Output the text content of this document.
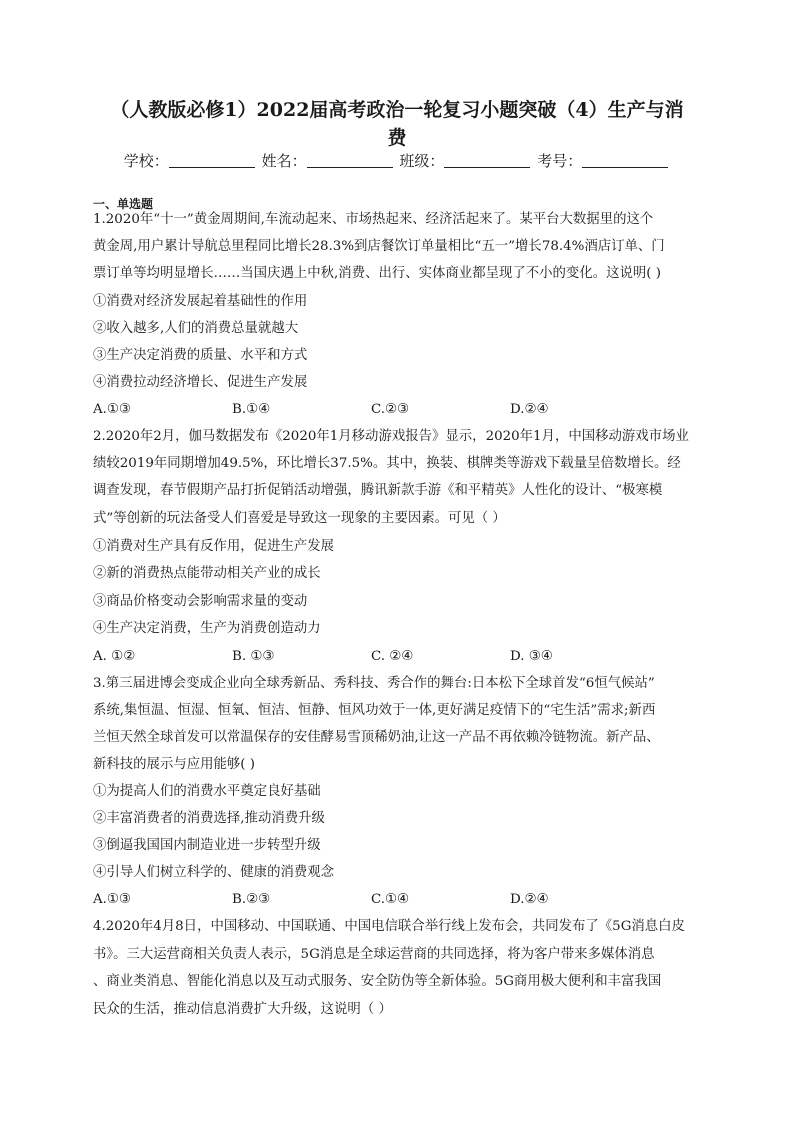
（人教版必修1）2022届高考政治一轮复习小题突破（4）生产与消
费
学校：	姓名：	班级：	考号：
一、单选题
1.2020年“十一”黄金周期间,车流动起来、市场热起来、经济活起来了。某平台大数据里的这个
黄金周,用户累计导航总里程同比增长28.3%到店餐饮订单量相比“五一”增长78.4%酒店订单、门
票订单等均明显增长……当国庆遇上中秋,消费、出行、实体商业都呈现了不小的变化。这说明( )
①消费对经济发展起着基础性的作用
②收入越多,人们的消费总量就越大
③生产决定消费的质量、水平和方式
④消费拉动经济增长、促进生产发展
A.①③	B.①④	C.②③	D.②④
2.2020年2月，伽马数据发布《2020年1月移动游戏报告》显示，2020年1月，中国移动游戏市场业
绩较2019年同期增加49.5%，环比增长37.5%。其中，换装、棋牌类等游戏下载量呈倍数增长。经
调查发现，春节假期产品打折促销活动增强，腾讯新款手游《和平精英》人性化的设计、“极寒模
式”等创新的玩法备受人们喜爱是导致这一现象的主要因素。可见（ ）
①消费对生产具有反作用，促进生产发展
②新的消费热点能带动相关产业的成长
③商品价格变动会影响需求量的变动
④生产决定消费，生产为消费创造动力
A. ①②	B. ①③	C. ②④	D. ③④
3.第三届进博会变成企业向全球秀新品、秀科技、秀合作的舞台:日本松下全球首发“6恒气候站”
系统,集恒温、恒湿、恒氧、恒洁、恒静、恒风功效于一体,更好满足疫情下的“宅生活”需求;新西
兰恒天然全球首发可以常温保存的安佳酵易雪顶稀奶油,让这一产品不再依赖冷链物流。新产品、
新科技的展示与应用能够( )
①为提高人们的消费水平奠定良好基础
②丰富消费者的消费选择,推动消费升级
③倒逼我国国内制造业进一步转型升级
④引导人们树立科学的、健康的消费观念
A.①③	B.②③	C.①④	D.②④
4.2020年4月8日，中国移动、中国联通、中国电信联合举行线上发布会，共同发布了《5G消息白皮
书》。三大运营商相关负责人表示，5G消息是全球运营商的共同选择，将为客户带来多媒体消息
、商业类消息、智能化消息以及互动式服务、安全防伪等全新体验。5G商用极大便利和丰富我国
民众的生活，推动信息消费扩大升级，这说明（ ）
